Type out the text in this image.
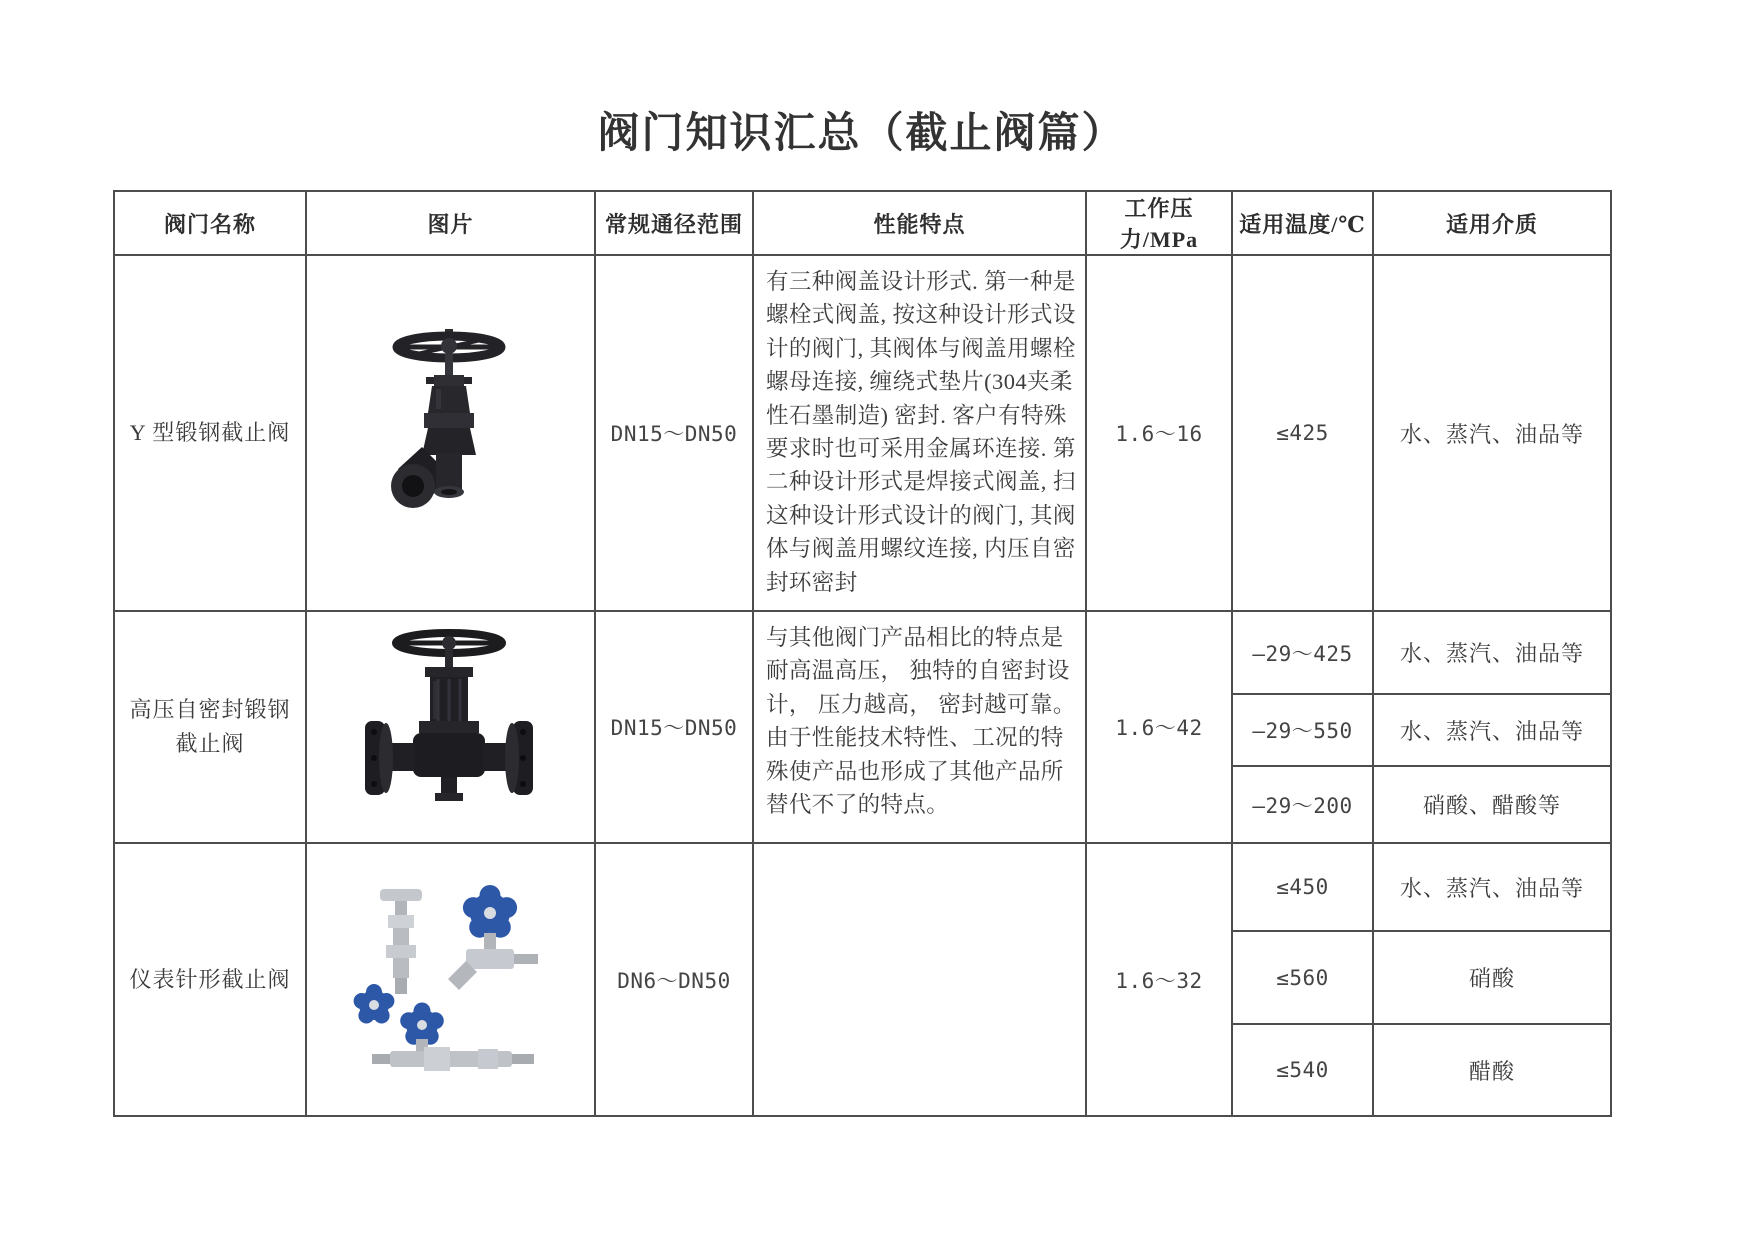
阀门知识汇总（截止阀篇）
阀门名称	图片	常规通径范围	性能特点	工作压力/MPa	适用温度/℃	适用介质
Y 型锻钢截止阀		DN15～DN50	有三种阀盖设计形式. 第一种是螺栓式阀盖, 按这种设计形式设计的阀门, 其阀体与阀盖用螺栓螺母连接, 缠绕式垫片(304夹柔性石墨制造) 密封. 客户有特殊要求时也可采用金属环连接. 第二种设计形式是焊接式阀盖, 扫这种设计形式设计的阀门, 其阀体与阀盖用螺纹连接, 内压自密封环密封	1.6～16	≤425	水、蒸汽、油品等
高压自密封锻钢截止阀		DN15～DN50	与其他阀门产品相比的特点是耐高温高压， 独特的自密封设计， 压力越高， 密封越可靠。由于性能技术特性、工况的特殊使产品也形成了其他产品所替代不了的特点。	1.6～42	—29～425	水、蒸汽、油品等
					—29～550	水、蒸汽、油品等
					—29～200	硝酸、醋酸等
仪表针形截止阀		DN6～DN50		1.6～32	≤450	水、蒸汽、油品等
					≤560	硝酸
					≤540	醋酸
